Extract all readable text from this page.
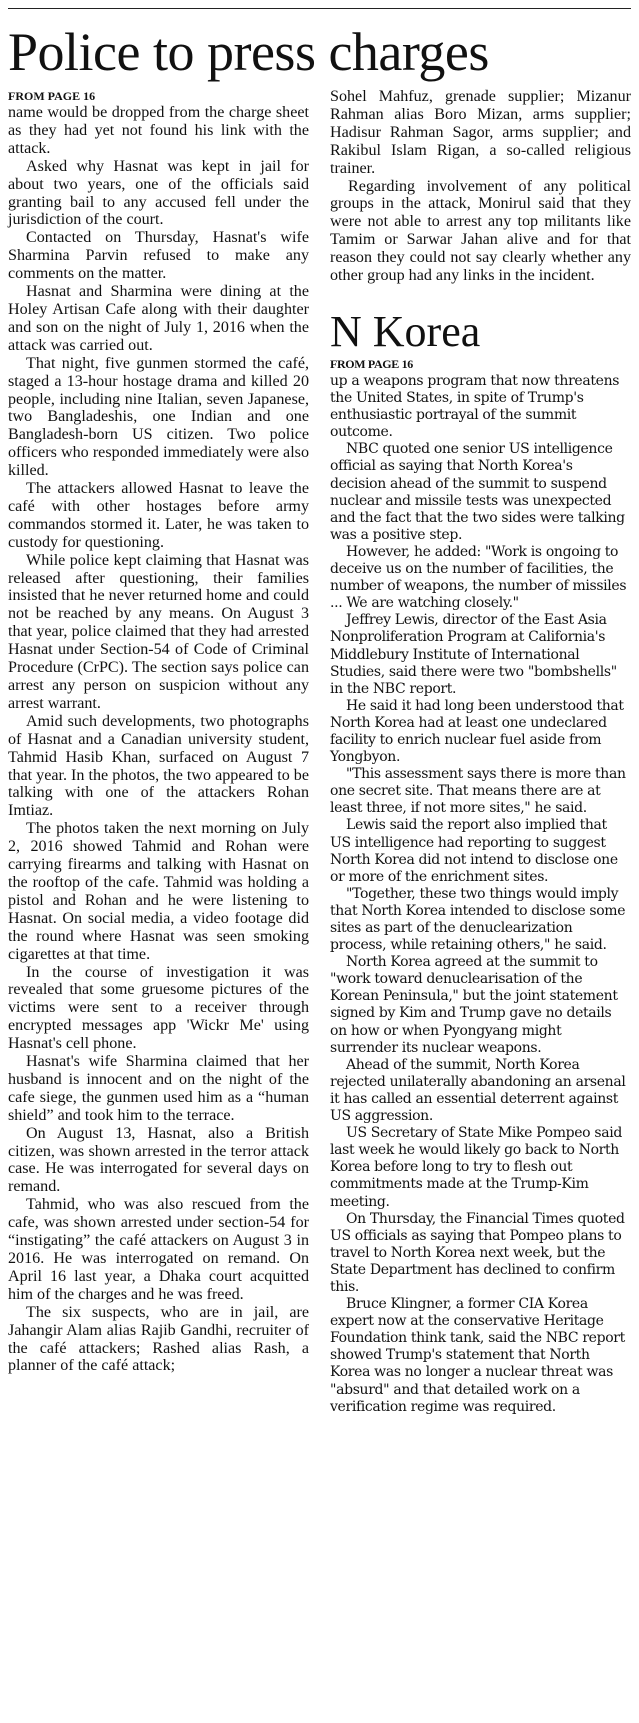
Police to press charges
FROM PAGE 16

name would be dropped from the charge sheet as they had yet not found his link with the attack.

Asked why Hasnat was kept in jail for about two years, one of the officials said granting bail to any accused fell under the jurisdiction of the court.

Contacted on Thursday, Hasnat's wife Sharmina Parvin refused to make any comments on the matter.

Hasnat and Sharmina were dining at the Holey Artisan Cafe along with their daughter and son on the night of July 1, 2016 when the attack was carried out.

That night, five gunmen stormed the café, staged a 13-hour hostage drama and killed 20 people, including nine Italian, seven Japanese, two Bangladeshis, one Indian and one Bangladesh-born US citizen. Two police officers who responded immediately were also killed.

The attackers allowed Hasnat to leave the café with other hostages before army commandos stormed it. Later, he was taken to custody for questioning.

While police kept claiming that Hasnat was released after questioning, their families insisted that he never returned home and could not be reached by any means. On August 3 that year, police claimed that they had arrested Hasnat under Section-54 of Code of Criminal Procedure (CrPC). The section says police can arrest any person on suspicion without any arrest warrant.

Amid such developments, two photographs of Hasnat and a Canadian university student, Tahmid Hasib Khan, surfaced on August 7 that year. In the photos, the two appeared to be talking with one of the attackers Rohan Imtiaz.

The photos taken the next morning on July 2, 2016 showed Tahmid and Rohan were carrying firearms and talking with Hasnat on the rooftop of the cafe. Tahmid was holding a pistol and Rohan and he were listening to Hasnat. On social media, a video footage did the round where Hasnat was seen smoking cigarettes at that time.

In the course of investigation it was revealed that some gruesome pictures of the victims were sent to a receiver through encrypted messages app 'Wickr Me' using Hasnat's cell phone.

Hasnat's wife Sharmina claimed that her husband is innocent and on the night of the cafe siege, the gunmen used him as a “human shield” and took him to the terrace.

On August 13, Hasnat, also a British citizen, was shown arrested in the terror attack case. He was interrogated for several days on remand.

Tahmid, who was also rescued from the cafe, was shown arrested under section-54 for “instigating” the café attackers on August 3 in 2016. He was interrogated on remand. On April 16 last year, a Dhaka court acquitted him of the charges and he was freed.

The six suspects, who are in jail, are Jahangir Alam alias Rajib Gandhi, recruiter of the café attackers; Rashed alias Rash, a planner of the café attack;

Sohel Mahfuz, grenade supplier; Mizanur Rahman alias Boro Mizan, arms supplier; Hadisur Rahman Sagor, arms supplier; and Rakibul Islam Rigan, a so-called religious trainer.

Regarding involvement of any political groups in the attack, Monirul said that they were not able to arrest any top militants like Tamim or Sarwar Jahan alive and for that reason they could not say clearly whether any other group had any links in the incident.

N Korea
FROM PAGE 16

up a weapons program that now threatens the United States, in spite of Trump's enthusiastic portrayal of the summit outcome.

NBC quoted one senior US intelligence official as saying that North Korea's decision ahead of the summit to suspend nuclear and missile tests was unexpected and the fact that the two sides were talking was a positive step.

However, he added: "Work is ongoing to deceive us on the number of facilities, the number of weapons, the number of missiles ... We are watching closely."

Jeffrey Lewis, director of the East Asia Nonproliferation Program at California's Middlebury Institute of International Studies, said there were two "bombshells" in the NBC report.

He said it had long been understood that North Korea had at least one undeclared facility to enrich nuclear fuel aside from Yongbyon.

"This assessment says there is more than one secret site. That means there are at least three, if not more sites," he said.

Lewis said the report also implied that US intelligence had reporting to suggest North Korea did not intend to disclose one or more of the enrichment sites.

"Together, these two things would imply that North Korea intended to disclose some sites as part of the denuclearization process, while retaining others," he said.

North Korea agreed at the summit to "work toward denuclearisation of the Korean Peninsula," but the joint statement signed by Kim and Trump gave no details on how or when Pyongyang might surrender its nuclear weapons.

Ahead of the summit, North Korea rejected unilaterally abandoning an arsenal it has called an essential deterrent against US aggression.

US Secretary of State Mike Pompeo said last week he would likely go back to North Korea before long to try to flesh out commitments made at the Trump-Kim meeting.

On Thursday, the Financial Times quoted US officials as saying that Pompeo plans to travel to North Korea next week, but the State Department has declined to confirm this.

Bruce Klingner, a former CIA Korea expert now at the conservative Heritage Foundation think tank, said the NBC report showed Trump's statement that North Korea was no longer a nuclear threat was "absurd" and that detailed work on a verification regime was required.
